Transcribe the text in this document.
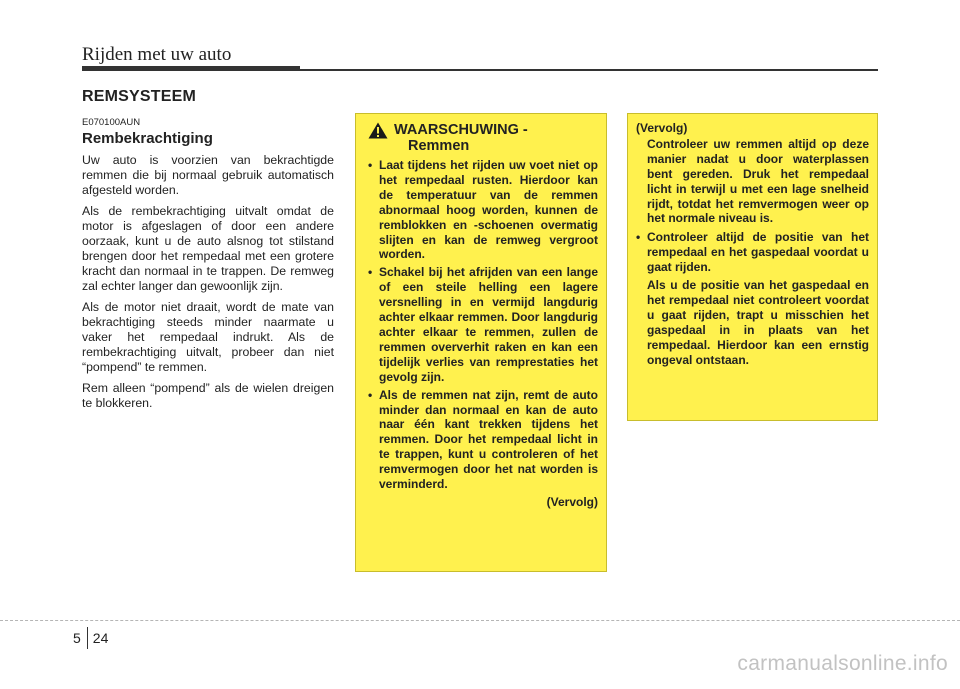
Rijden met uw auto
REMSYSTEEM
E070100AUN
Rembekrachtiging

Uw auto is voorzien van bekrachtigde remmen die bij normaal gebruik automatisch afgesteld worden.

Als de rembekrachtiging uitvalt omdat de motor is afgeslagen of door een andere oorzaak, kunt u de auto alsnog tot stilstand brengen door het rempedaal met een grotere kracht dan normaal in te trappen. De remweg zal echter langer dan gewoonlijk zijn.

Als de motor niet draait, wordt de mate van bekrachtiging steeds minder naarmate u vaker het rempedaal indrukt. Als de rembekrachtiging uitvalt, probeer dan niet “pompend” te remmen.

Rem alleen “pompend” als de wielen dreigen te blokkeren.

WAARSCHUWING -
Remmen
• Laat tijdens het rijden uw voet niet op het rempedaal rusten. Hierdoor kan de temperatuur van de remmen abnormaal hoog worden, kunnen de remblokken en -schoenen overmatig slijten en kan de remweg vergroot worden.
• Schakel bij het afrijden van een lange of een steile helling een lagere versnelling in en vermijd langdurig achter elkaar remmen. Door langdurig achter elkaar te remmen, zullen de remmen oververhit raken en kan een tijdelijk verlies van remprestaties het gevolg zijn.
• Als de remmen nat zijn, remt de auto minder dan normaal en kan de auto naar één kant trekken tijdens het remmen. Door het rempedaal licht in te trappen, kunt u controleren of het remvermogen door het nat worden is verminderd.
(Vervolg)
(Vervolg)
Controleer uw remmen altijd op deze manier nadat u door waterplassen bent gereden. Druk het rempedaal licht in terwijl u met een lage snelheid rijdt, totdat het remvermogen weer op het normale niveau is.
• Controleer altijd de positie van het rempedaal en het gaspedaal voordat u gaat rijden.
Als u de positie van het gaspedaal en het rempedaal niet controleert voordat u gaat rijden, trapt u misschien het gaspedaal in in plaats van het rempedaal. Hierdoor kan een ernstig ongeval ontstaan.
5 24
carmanualsonline.info
